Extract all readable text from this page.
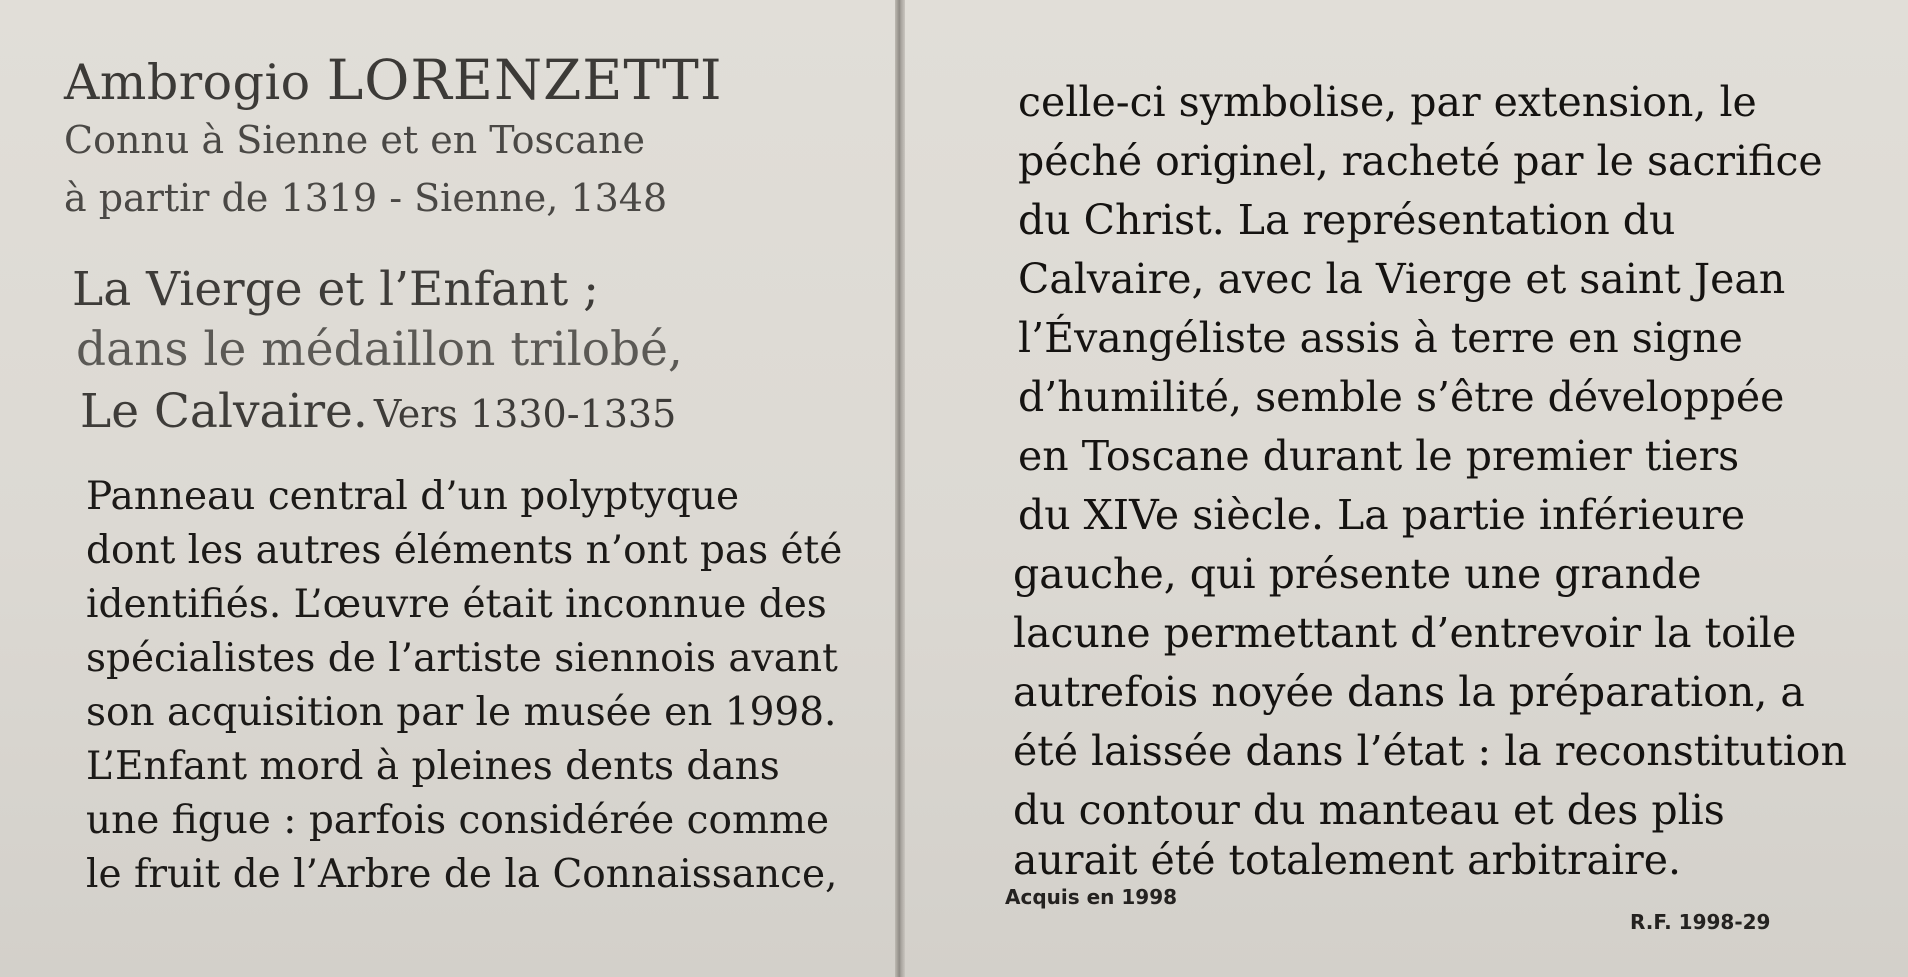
Ambrogio LORENZETTI
Connu à Sienne et en Toscane
à partir de 1319 - Sienne, 1348
La Vierge et l’Enfant ;
dans le médaillon trilobé,
Le Calvaire. Vers 1330-1335
Panneau central d’un polyptyque
dont les autres éléments n’ont pas été
identifiés. L’œuvre était inconnue des
spécialistes de l’artiste siennois avant
son acquisition par le musée en 1998.
L’Enfant mord à pleines dents dans
une figue : parfois considérée comme
le fruit de l’Arbre de la Connaissance,
celle-ci symbolise, par extension, le
péché originel, racheté par le sacrifice
du Christ. La représentation du
Calvaire, avec la Vierge et saint Jean
l’Évangéliste assis à terre en signe
d’humilité, semble s’être développée
en Toscane durant le premier tiers
du XIVe siècle. La partie inférieure
gauche, qui présente une grande
lacune permettant d’entrevoir la toile
autrefois noyée dans la préparation, a
été laissée dans l’état : la reconstitution
du contour du manteau et des plis
aurait été totalement arbitraire.
Acquis en 1998
R.F. 1998-29
